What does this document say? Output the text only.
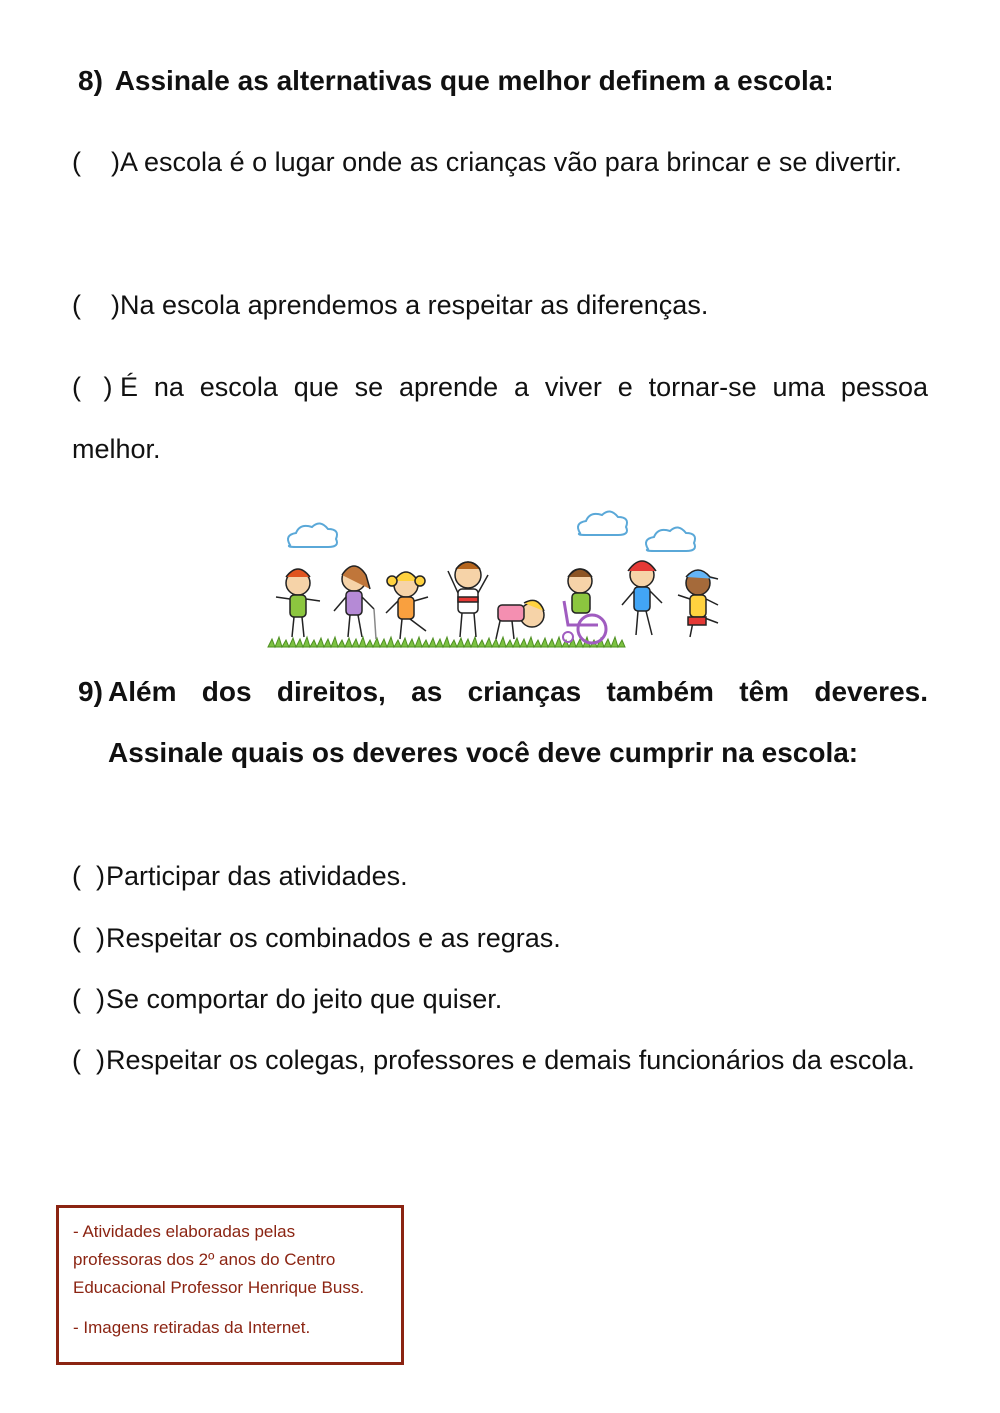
8) Assinale as alternativas que melhor definem a escola:
(    )A escola é o lugar onde as crianças vão para brincar e se divertir.
(    )Na escola aprendemos a respeitar as diferenças.
(   ) É na escola que se aprende a viver e tornar-se uma pessoa melhor.
9) Além dos direitos, as crianças também têm deveres.
Assinale quais os deveres você deve cumprir na escola:
(  )Participar das atividades.
(  )Respeitar os combinados e as regras.
(  )Se comportar do jeito que quiser.
(  )Respeitar os colegas, professores e demais funcionários da escola.

- Atividades elaboradas pelas professoras dos 2º anos do Centro Educacional Professor Henrique Buss.

- Imagens retiradas da Internet.
